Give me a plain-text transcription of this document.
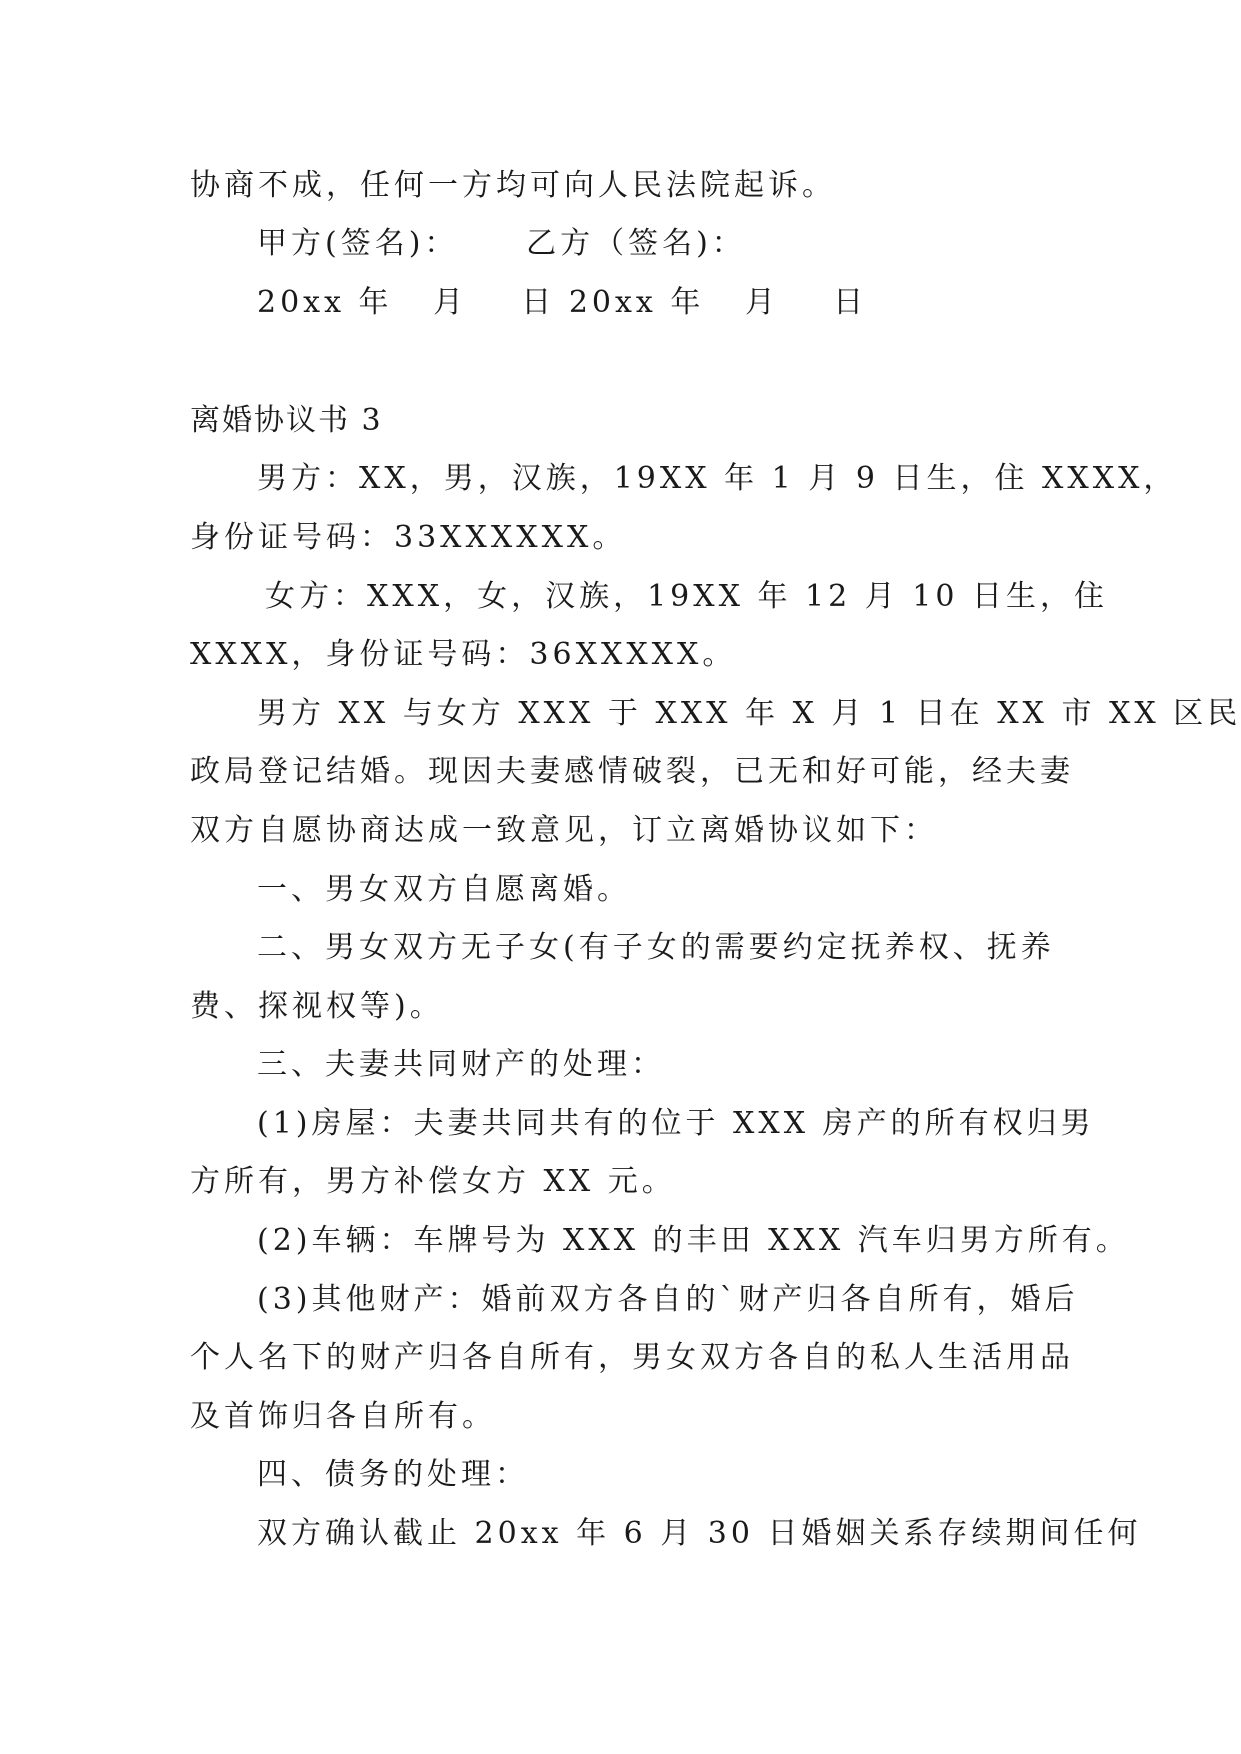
协商不成，任何一方均可向人民法院起诉。
甲方(签名)：     乙方（签名)：
20xx 年   月    日 20xx 年   月    日
离婚协议书 3
男方：XX，男，汉族，19XX 年 1 月 9 日生，住 XXXX，
身份证号码：33XXXXXX。
女方：XXX，女，汉族，19XX 年 12 月 10 日生，住
XXXX，身份证号码：36XXXXX。
男方 XX 与女方 XXX 于 XXX 年 X 月 1 日在 XX 市 XX 区民
政局登记结婚。现因夫妻感情破裂，已无和好可能，经夫妻
双方自愿协商达成一致意见，订立离婚协议如下：
一、男女双方自愿离婚。
二、男女双方无子女(有子女的需要约定抚养权、抚养
费、探视权等)。
三、夫妻共同财产的处理：
(1)房屋：夫妻共同共有的位于 XXX 房产的所有权归男
方所有，男方补偿女方 XX 元。
(2)车辆：车牌号为 XXX 的丰田 XXX 汽车归男方所有。
(3)其他财产：婚前双方各自的`财产归各自所有，婚后
个人名下的财产归各自所有，男女双方各自的私人生活用品
及首饰归各自所有。
四、债务的处理：
双方确认截止 20xx 年 6 月 30 日婚姻关系存续期间任何
